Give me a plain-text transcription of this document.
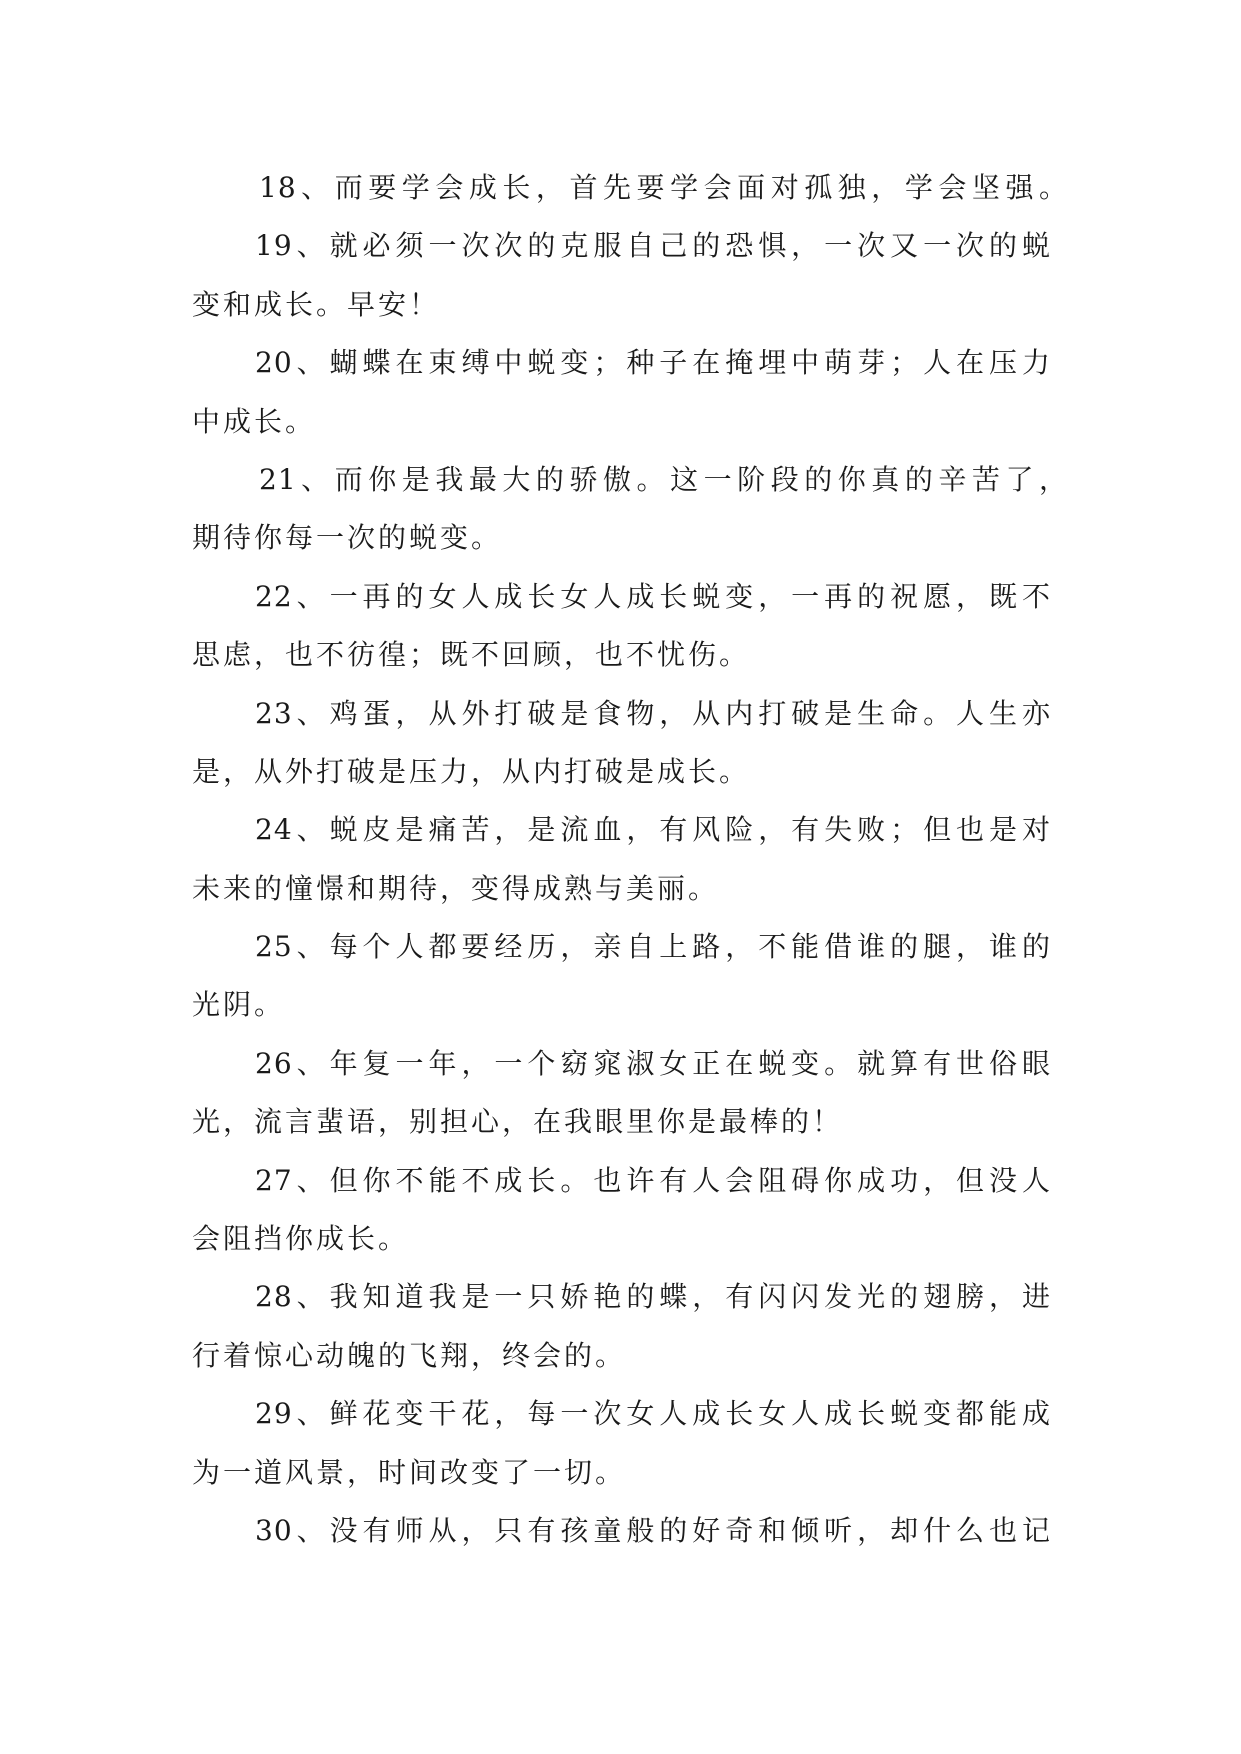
18、而要学会成长，首先要学会面对孤独，学会坚强。
19、就必须一次次的克服自己的恐惧，一次又一次的蜕
变和成长。早安！
20、蝴蝶在束缚中蜕变；种子在掩埋中萌芽；人在压力
中成长。
21、而你是我最大的骄傲。这一阶段的你真的辛苦了，
期待你每一次的蜕变。
22、一再的女人成长女人成长蜕变，一再的祝愿，既不
思虑，也不彷徨；既不回顾，也不忧伤。
23、鸡蛋，从外打破是食物，从内打破是生命。人生亦
是，从外打破是压力，从内打破是成长。
24、蜕皮是痛苦，是流血，有风险，有失败；但也是对
未来的憧憬和期待，变得成熟与美丽。
25、每个人都要经历，亲自上路，不能借谁的腿，谁的
光阴。
26、年复一年，一个窈窕淑女正在蜕变。就算有世俗眼
光，流言蜚语，别担心，在我眼里你是最棒的！
27、但你不能不成长。也许有人会阻碍你成功，但没人
会阻挡你成长。
28、我知道我是一只娇艳的蝶，有闪闪发光的翅膀，进
行着惊心动魄的飞翔，终会的。
29、鲜花变干花，每一次女人成长女人成长蜕变都能成
为一道风景，时间改变了一切。
30、没有师从，只有孩童般的好奇和倾听，却什么也记
